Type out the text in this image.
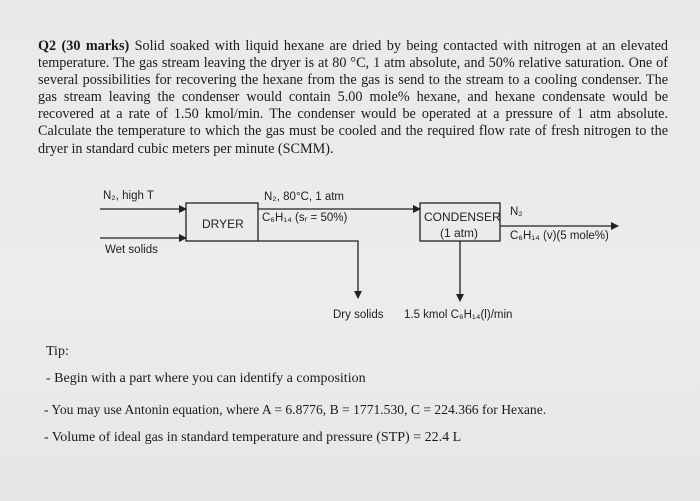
Q2 (30 marks) Solid soaked with liquid hexane are dried by being contacted with nitrogen at an elevated temperature. The gas stream leaving the dryer is at 80 °C, 1 atm absolute, and 50% relative saturation. One of several possibilities for recovering the hexane from the gas is send to the stream to a cooling condenser. The gas stream leaving the condenser would contain 5.00 mole% hexane, and hexane condensate would be recovered at a rate of 1.50 kmol/min. The condenser would be operated at a pressure of 1 atm absolute. Calculate the temperature to which the gas must be cooled and the required flow rate of fresh nitrogen to the dryer in standard cubic meters per minute (SCMM).
DRYER	CONDENSER
(1 atm)
N₂, high T
Wet solids
N₂, 80°C, 1 atm
C₆H₁₄ (sᵣ = 50%)
Dry solids 1.5 kmol C₆H₁₄(l)/min
N₂
C₆H₁₄ (v)(5 mole%)
Tip:
- Begin with a part where you can identify a composition
- You may use Antonin equation, where A = 6.8776, B = 1771.530, C = 224.366 for Hexane.
- Volume of ideal gas in standard temperature and pressure (STP) = 22.4 L
